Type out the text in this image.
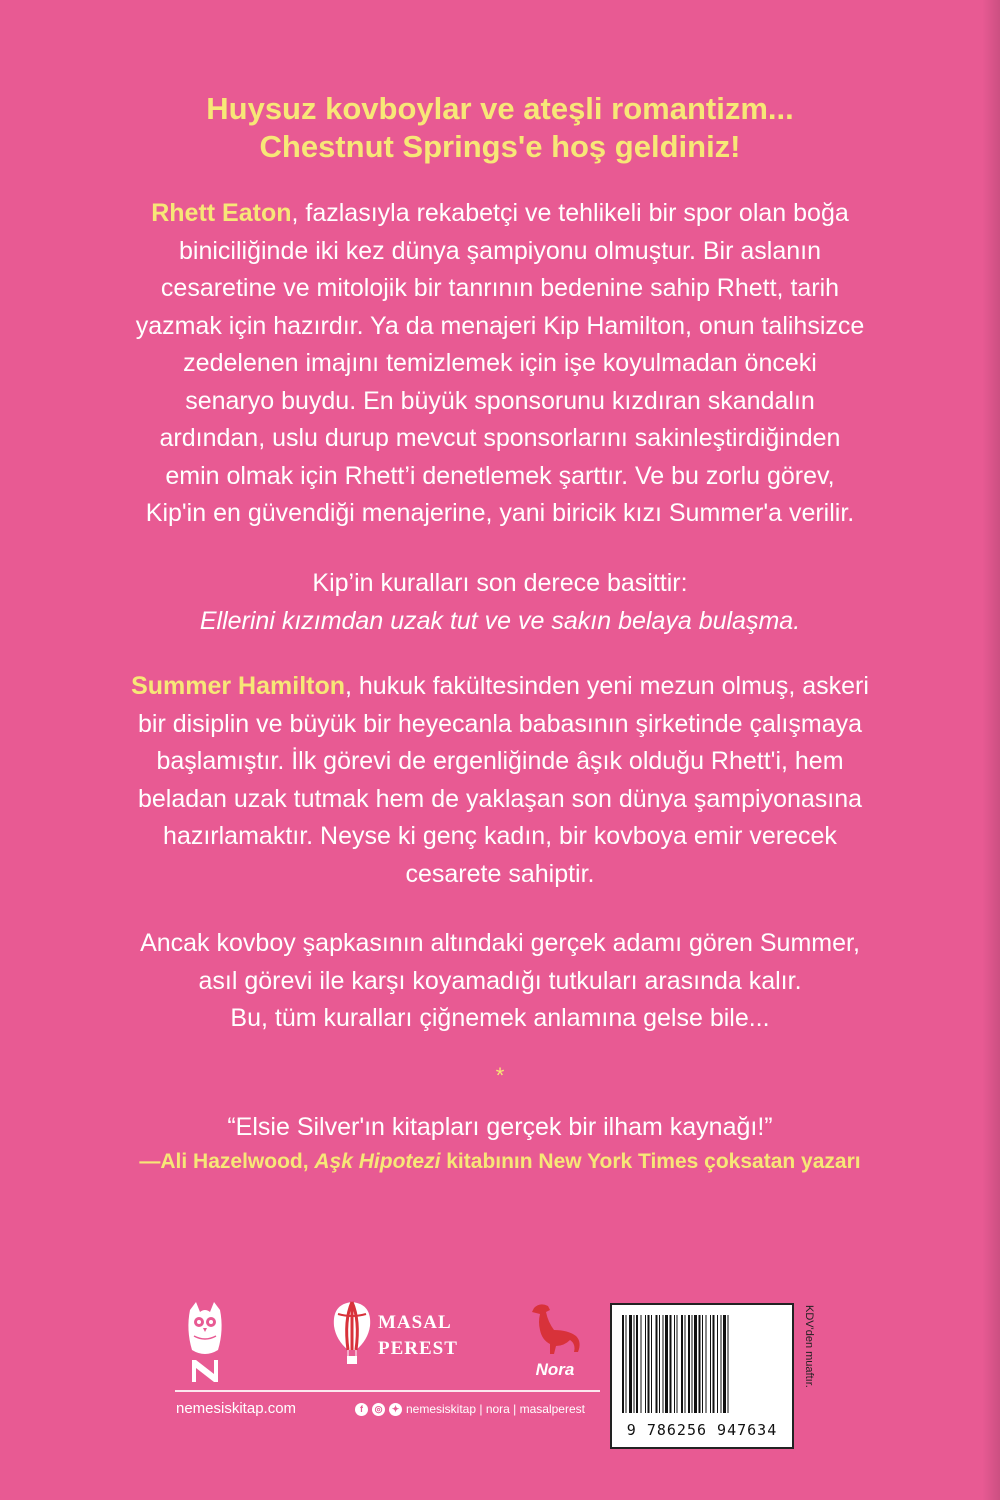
Huysuz kovboylar ve ateşli romantizm...
Chestnut Springs'e hoş geldiniz!
Rhett Eaton, fazlasıyla rekabetçi ve tehlikeli bir spor olan boğa
biniciliğinde iki kez dünya şampiyonu olmuştur. Bir aslanın
cesaretine ve mitolojik bir tanrının bedenine sahip Rhett, tarih
yazmak için hazırdır. Ya da menajeri Kip Hamilton, onun talihsizce
zedelenen imajını temizlemek için işe koyulmadan önceki
senaryo buydu. En büyük sponsorunu kızdıran skandalın
ardından, uslu durup mevcut sponsorlarını sakinleştirdiğinden
emin olmak için Rhett’i denetlemek şarttır. Ve bu zorlu görev,
Kip'in en güvendiği menajerine, yani biricik kızı Summer'a verilir.
Kip’in kuralları son derece basittir:
Ellerini kızımdan uzak tut ve ve sakın belaya bulaşma.
Summer Hamilton, hukuk fakültesinden yeni mezun olmuş, askeri
bir disiplin ve büyük bir heyecanla babasının şirketinde çalışmaya
başlamıştır. İlk görevi de ergenliğinde âşık olduğu Rhett'i, hem
beladan uzak tutmak hem de yaklaşan son dünya şampiyonasına
hazırlamaktır. Neyse ki genç kadın, bir kovboya emir verecek
cesarete sahiptir.
Ancak kovboy şapkasının altındaki gerçek adamı gören Summer,
asıl görevi ile karşı koyamadığı tutkuları arasında kalır.
Bu, tüm kuralları çiğnemek anlamına gelse bile...
*
“Elsie Silver'ın kitapları gerçek bir ilham kaynağı!”
—Ali Hazelwood, Aşk Hipotezi kitabının New York Times çoksatan yazarı
MASAL
PEREST
Nora
nemesiskitap.com	f	◎	✦ nemesiskitap | nora | masalperest
9 786256 947634
KDV'den muaftır.
